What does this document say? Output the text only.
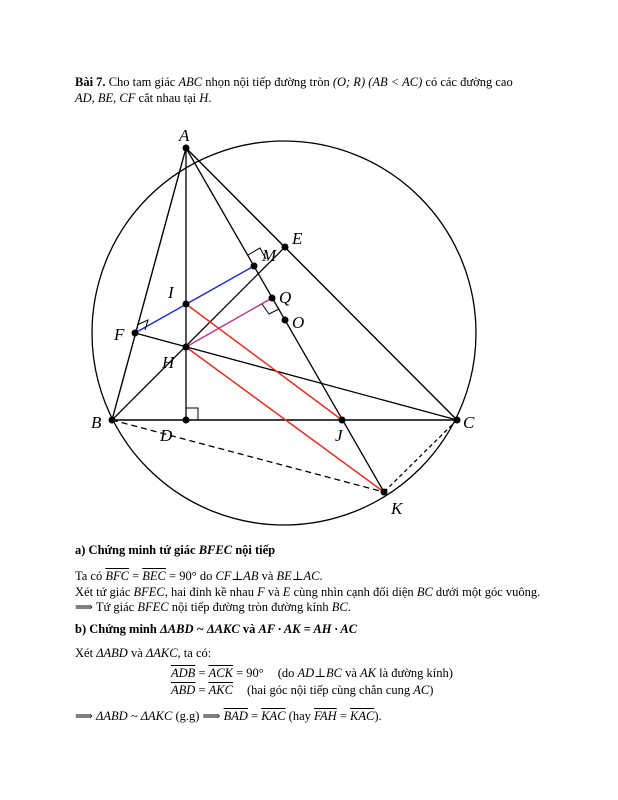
Bài 7. Cho tam giác ABC nhọn nội tiếp đường tròn (O; R) (AB < AC) có các đường cao
AD, BE, CF cắt nhau tại H.
A
B	C
D
E
F
H
I
J
K
M
O
Q
a) Chứng minh tứ giác BFEC nội tiếp
Ta có $\overline{BFC} = \overline{BEC} = 90^\circ$ do CF⊥AB và BE⊥AC.
Xét tứ giác BFEC, hai đỉnh kề nhau F và E cùng nhìn cạnh đối diện BC dưới một góc vuông.
⟹ Tứ giác BFEC nội tiếp đường tròn đường kính BC.
b) Chứng minh ΔABD ~ ΔAKC và AF · AK = AH · AC
Xét ΔABD và ΔAKC, ta có:
$\overline{ADB} = \overline{ACK} = 90^\circ$ (do AD⊥BC và AK là đường kính)
$\overline{ABD} = \overline{AKC}$ (hai góc nội tiếp cùng chắn cung AC)
⟹ ΔABD ~ ΔAKC (g.g) ⟹ $\overline{BAD} = \overline{KAC}$ (hay $\overline{FAH} = \overline{KAC}$).
